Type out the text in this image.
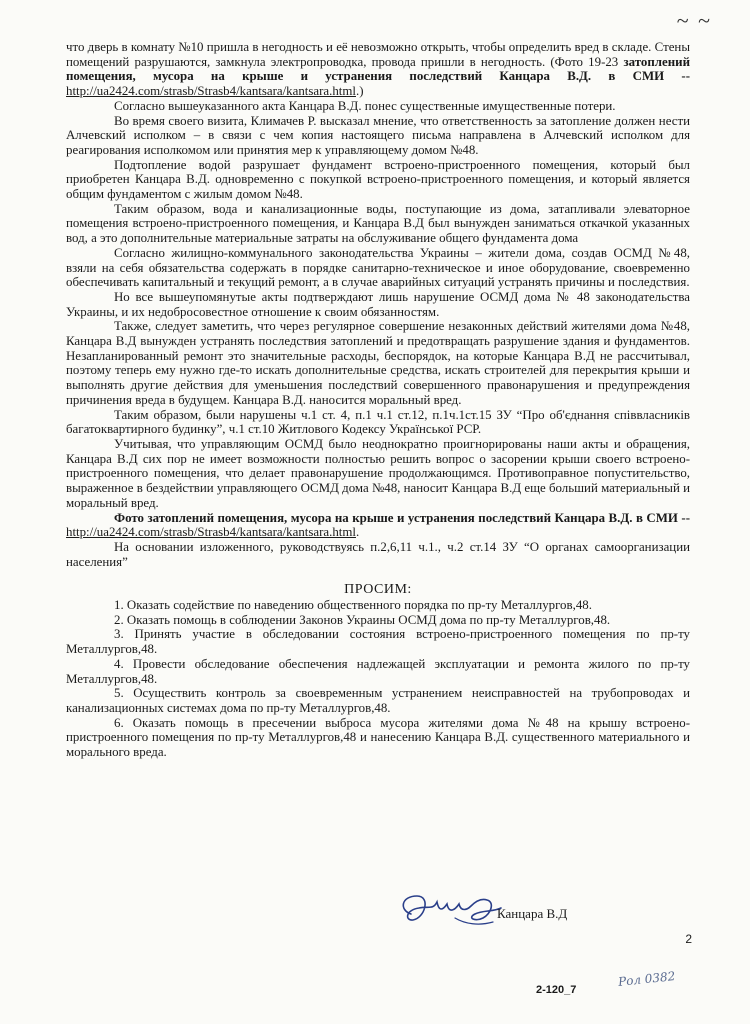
~ ~

что дверь в комнату №10 пришла в негодность и её невозможно открыть, чтобы определить вред в складе. Стены помещений разрушаются, замкнула электропроводка, провода пришли в негодность. (Фото 19-23 затоплений помещения, мусора на крыше и устранения последствий Канцара В.Д. в СМИ -- http://ua2424.com/strasb/Strasb4/kantsara/kantsara.html.)

Согласно вышеуказанного акта Канцара В.Д. понес существенные имущественные потери.

Во время своего визита, Климачев Р. высказал мнение, что ответственность за затопление должен нести Алчевский исполком – в связи с чем копия настоящего письма направлена в Алчевский исполком для реагирования исполкомом или принятия мер к управляющему домом №48.

Подтопление водой разрушает фундамент встроено-пристроенного помещения, который был приобретен Канцара В.Д. одновременно с покупкой встроено-пристроенного помещения, и который является общим фундаментом с жилым домом №48.

Таким образом, вода и канализационные воды, поступающие из дома, затапливали элеваторное помещения встроено-пристроенного помещения, и Канцара В.Д был вынужден заниматься откачкой указанных вод, а это дополнительные материальные затраты на обслуживание общего фундамента дома

Согласно жилищно-коммунального законодательства Украины – жители дома, создав ОСМД №48, взяли на себя обязательства содержать в порядке санитарно-техническое и иное оборудование, своевременно обеспечивать капитальный и текущий ремонт, а в случае аварийных ситуаций устранять причины и последствия.

Но все вышеупомянутые акты подтверждают лишь нарушение ОСМД дома № 48 законодательства Украины, и их недобросовестное отношение к своим обязанностям.

Также, следует заметить, что через регулярное совершение незаконных действий жителями дома №48, Канцара В.Д вынужден устранять последствия затоплений и предотвращать разрушение здания и фундаментов. Незапланированный ремонт это значительные расходы, беспорядок, на которые Канцара В.Д не рассчитывал, поэтому теперь ему нужно где-то искать дополнительные средства, искать строителей для перекрытия крыши и выполнять другие действия для уменьшения последствий совершенного правонарушения и предупреждения причинения вреда в будущем. Канцара В.Д. наносится моральный вред.

Таким образом, были нарушены ч.1 ст. 4, п.1 ч.1 ст.12, п.1ч.1ст.15 ЗУ “Про об'єднання співвласників багатоквартирного будинку”, ч.1 ст.10 Житлового Кодексу Української РСР.

Учитывая, что управляющим ОСМД было неоднократно проигнорированы наши акты и обращения, Канцара В.Д сих пор не имеет возможности полностью решить вопрос о засорении крыши своего встроено-пристроенного помещения, что делает правонарушение продолжающимся. Противоправное попустительство, выраженное в бездействии управляющего ОСМД дома №48, наносит Канцара В.Д еще больший материальный и моральный вред.

Фото затоплений помещения, мусора на крыше и устранения последствий Канцара В.Д. в СМИ -- http://ua2424.com/strasb/Strasb4/kantsara/kantsara.html.

На основании изложенного, руководствуясь п.2,6,11 ч.1., ч.2 ст.14 ЗУ “О органах самоорганизации населения”

ПРОСИМ:

1. Оказать содействие по наведению общественного порядка по пр-ту Металлургов,48.

2. Оказать помощь в соблюдении Законов Украины ОСМД дома по пр-ту Металлургов,48.

3. Принять участие в обследовании состояния встроено-пристроенного помещения по пр-ту Металлургов,48.

4. Провести обследование обеспечения надлежащей эксплуатации и ремонта жилого по пр-ту Металлургов,48.

5. Осуществить контроль за своевременным устранением неисправностей на трубопроводах и канализационных системах дома по пр-ту Металлургов,48.

6. Оказать помощь в пресечении выброса мусора жителями дома №48 на крышу встроено-пристроенного помещения по пр-ту Металлургов,48 и нанесению Канцара В.Д. существенного материального и морального вреда.

Канцара В.Д
2
2-120_7
Рол 0382
